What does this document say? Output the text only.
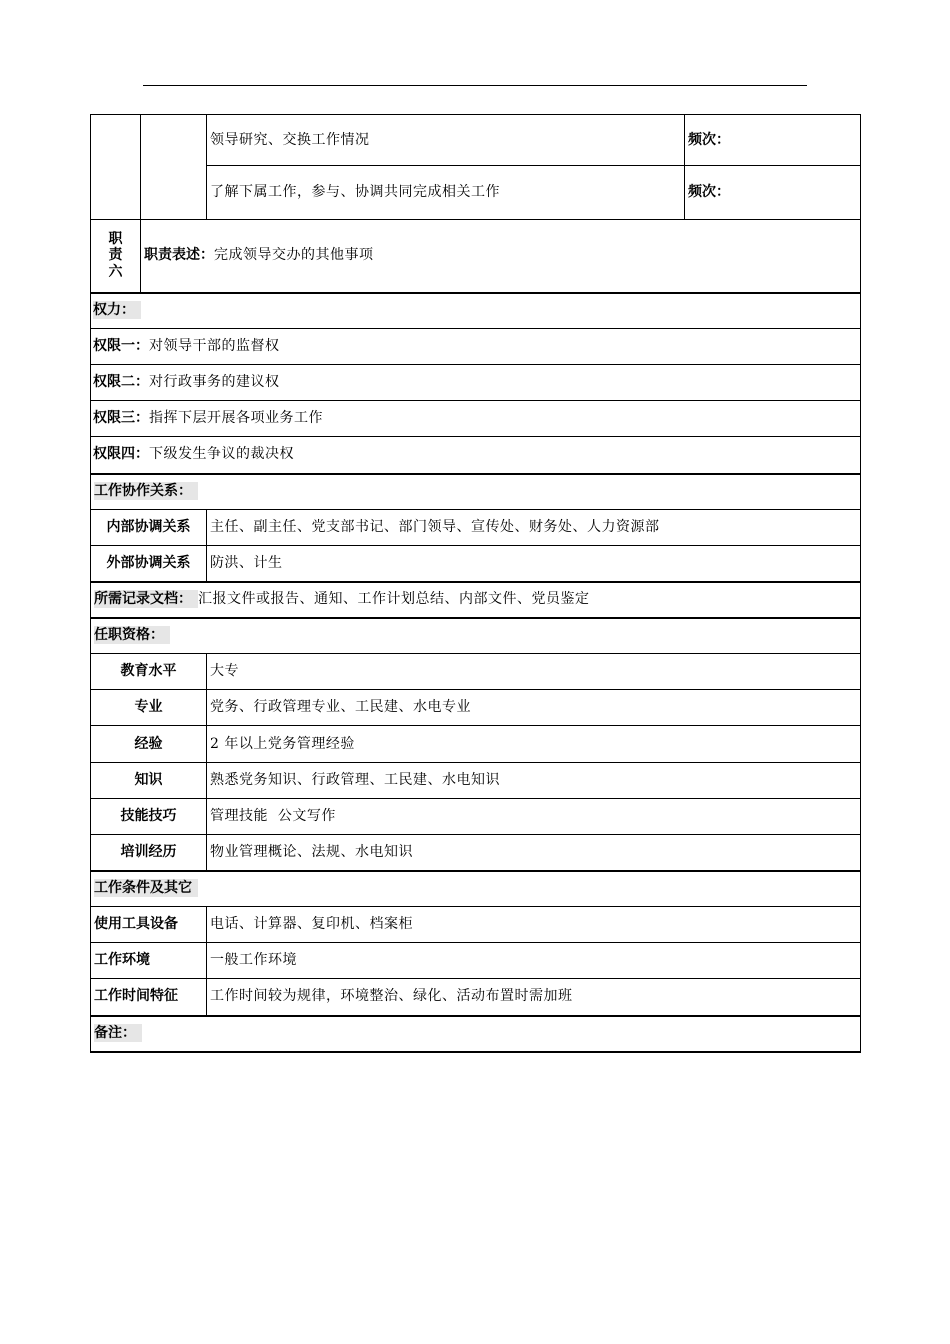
		领导研究、交换工作情况	频次：
		了解下属工作，参与、协调共同完成相关工作	频次：

职
责
六	职责表述：完成领导交办的其他事项		
权力：			
权限一：对领导干部的监督权			
权限二：对行政事务的建议权			
权限三：指挥下层开展各项业务工作			
权限四：下级发生争议的裁决权			
工作协作关系：			
内部协调关系		主任、副主任、党支部书记、部门领导、宣传处、财务处、人力资源部	
外部协调关系		防洪、计生	
所需记录文档： 汇报文件或报告、通知、工作计划总结、内部文件、党员鉴定			
任职资格：			
教育水平		大专	
专业		党务、行政管理专业、工民建、水电专业	
经验		2 年以上党务管理经验	
知识		熟悉党务知识、行政管理、工民建、水电知识	
技能技巧		管理技能  公文写作	
培训经历		物业管理概论、法规、水电知识	
工作条件及其它			
使用工具设备		电话、计算器、复印机、档案柜	
工作环境		一般工作环境	
工作时间特征		工作时间较为规律，环境整治、绿化、活动布置时需加班	
备注：			
